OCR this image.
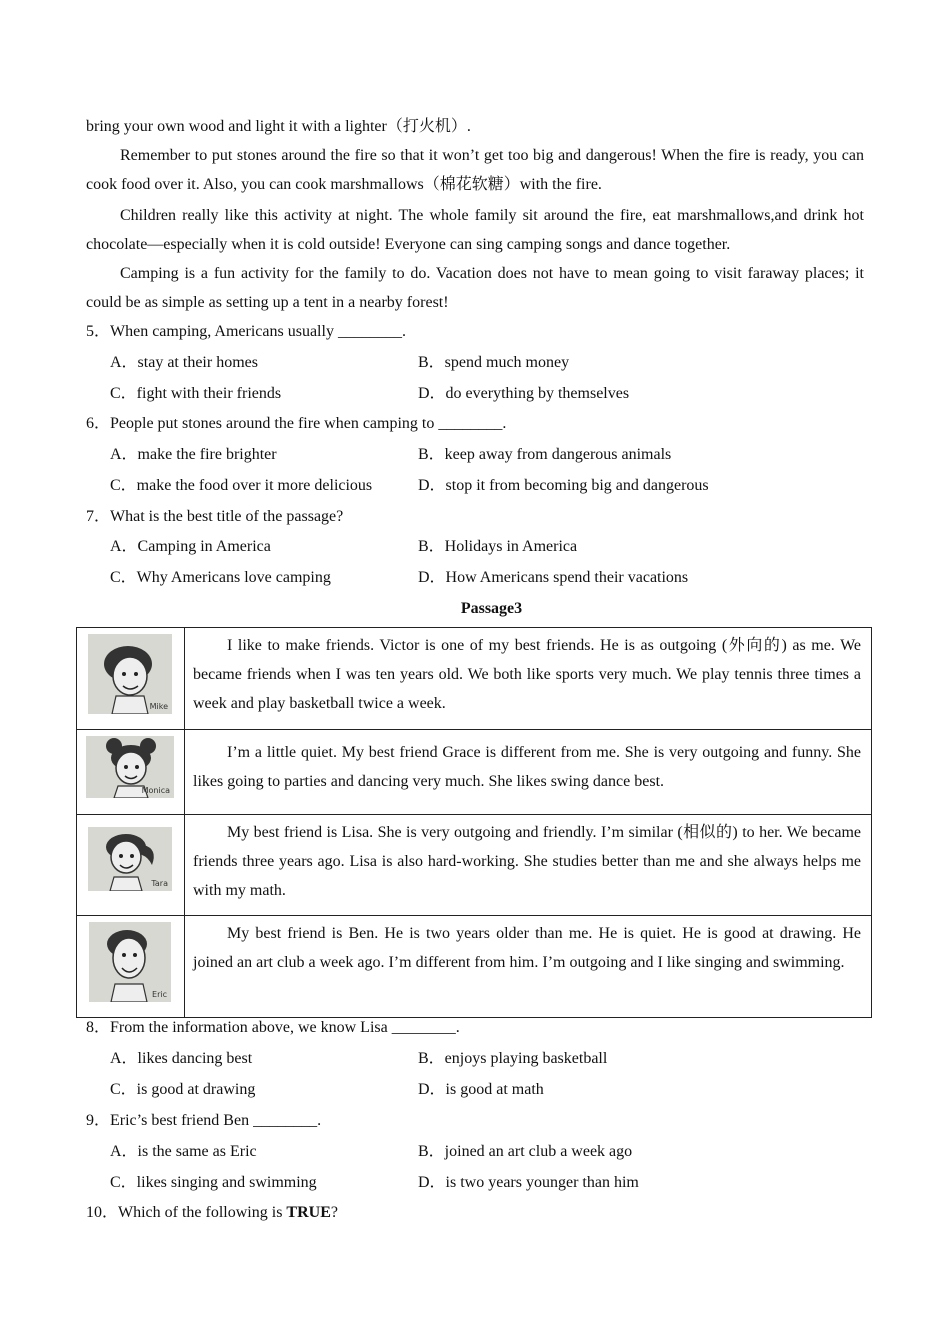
bring your own wood and light it with a lighter（打火机）.

Remember to put stones around the fire so that it won’t get too big and dangerous! When the fire is ready, you can cook food over it. Also, you can cook marshmallows（棉花软糖）with the fire.

Children really like this activity at night. The whole family sit around the fire, eat marshmallows,and drink hot chocolate—especially when it is cold outside! Everyone can sing camping songs and dance together.

Camping is a fun activity for the family to do. Vacation does not have to mean going to visit faraway places; it could be as simple as setting up a tent in a nearby forest!

5．When camping, Americans usually ________.
A．stay at their homes	B．spend much money
C．fight with their friends	D．do everything by themselves
6．People put stones around the fire when camping to ________.
A．make the fire brighter	B．keep away from dangerous animals
C．make the food over it more delicious	D．stop it from becoming big and dangerous
7．What is the best title of the passage?
A．Camping in America	B．Holidays in America
C．Why Americans love camping	D．How Americans spend their vacations
Passage3
Mike
I like to make friends. Victor is one of my best friends. He is as outgoing (外向的) as me. We became friends when I was ten years old. We both like sports very much. We play tennis three times a week and play basketball twice a week.
Monica
I’m a little quiet. My best friend Grace is different from me. She is very outgoing and funny. She likes going to parties and dancing very much. She likes swing dance best.
Tara
My best friend is Lisa. She is very outgoing and friendly. I’m similar (相似的) to her. We became friends three years ago. Lisa is also hard-working. She studies better than me and she always helps me with my math.
Eric
My best friend is Ben. He is two years older than me. He is quiet. He is good at drawing. He joined an art club a week ago. I’m different from him. I’m outgoing and I like singing and swimming.
8．From the information above, we know Lisa ________.
A．likes dancing best	B．enjoys playing basketball
C．is good at drawing	D．is good at math
9．Eric’s best friend Ben ________.
A．is the same as Eric	B．joined an art club a week ago
C．likes singing and swimming	D．is two years younger than him
10．Which of the following is TRUE?
